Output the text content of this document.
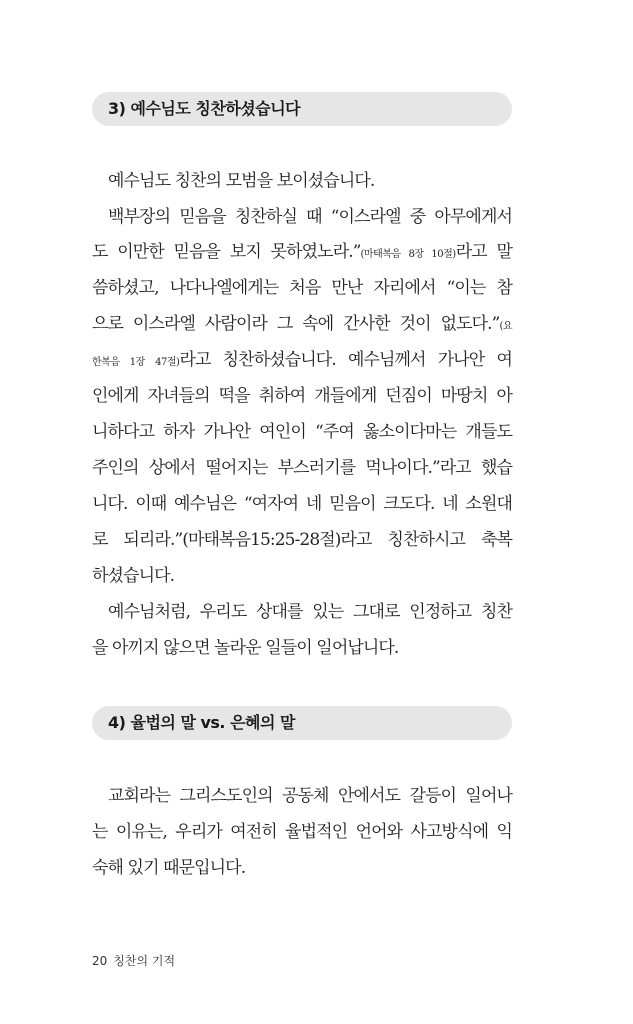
3) 예수님도 칭찬하셨습니다
예수님도 칭찬의 모범을 보이셨습니다.
백부장의 믿음을 칭찬하실 때 “이스라엘 중 아무에게서
도 이만한 믿음을 보지 못하였노라.”(마태복음 8장 10절)라고 말
씀하셨고, 나다나엘에게는 처음 만난 자리에서 “이는 참
으로 이스라엘 사람이라 그 속에 간사한 것이 없도다.”(요
한복음 1장 47절)라고 칭찬하셨습니다. 예수님께서 가나안 여
인에게 자녀들의 떡을 취하여 개들에게 던짐이 마땅치 아
니하다고 하자 가나안 여인이 “주여 옳소이다마는 개들도
주인의 상에서 떨어지는 부스러기를 먹나이다.”라고 했습
니다. 이때 예수님은 “여자여 네 믿음이 크도다. 네 소원대
로 되리라.”(마태복음15:25-28절)라고 칭찬하시고 축복
하셨습니다.
예수님처럼, 우리도 상대를 있는 그대로 인정하고 칭찬
을 아끼지 않으면 놀라운 일들이 일어납니다.
4) 율법의 말 vs. 은혜의 말
교회라는 그리스도인의 공동체 안에서도 갈등이 일어나
는 이유는, 우리가 여전히 율법적인 언어와 사고방식에 익
숙해 있기 때문입니다.
20 칭찬의 기적
